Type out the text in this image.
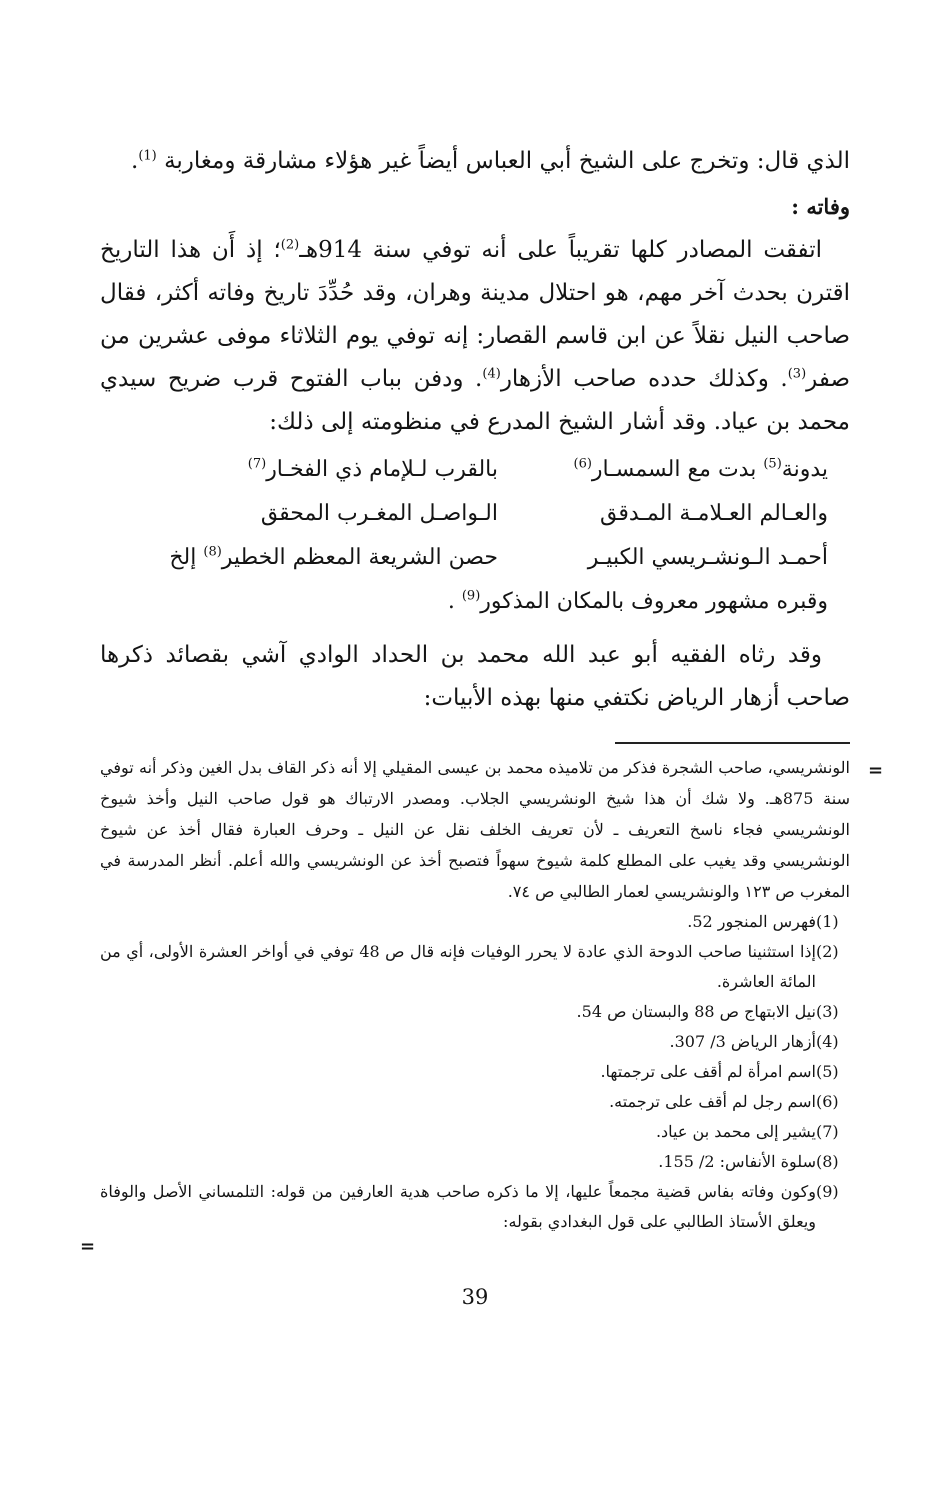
الذي قال: وتخرج على الشيخ أبي العباس أيضاً غير هؤلاء مشارقة ومغاربة $^{(1)}$.

وفاته :

اتفقت المصادر كلها تقريباً على أنه توفي سنة 914هـ$^{(2)}$؛ إذ أَن هذا التاريخ اقترن بحدث آخر مهم، هو احتلال مدينة وهران، وقد حُدِّدَ تاريخ وفاته أكثر، فقال صاحب النيل نقلاً عن ابن قاسم القصار: إنه توفي يوم الثلاثاء موفى عشرين من صفر$^{(3)}$. وكذلك حدده صاحب الأزهار$^{(4)}$. ودفن بباب الفتوح قرب ضريح سيدي محمد بن عياد. وقد أشار الشيخ المدرع في منظومته إلى ذلك:

يدونة$^{(5)}$ بدت مع السمسـار$^{(6)}$
بالقرب لـلإمام ذي الفخـار$^{(7)}$
والعـالم العـلامـة المـدقق
الـواصـل المغـرب المحقق
أحمـد الـونشـريسي الكبيـر
حصن الشريعة المعظم الخطير$^{(8)}$ إلخ
وقبره مشهور معروف بالمكان المذكور$^{(9)}$ .

وقد رثاه الفقيه أبو عبد الله محمد بن الحداد الوادي آشي بقصائد ذكرها صاحب أزهار الرياض نكتفي منها بهذه الأبيات:

الونشريسي، صاحب الشجرة فذكر من تلاميذه محمد بن عيسى المقيلي إلا أنه ذكر القاف بدل الغين وذكر أنه توفي سنة 875هـ. ولا شك أن هذا شيخ الونشريسي الجلاب. ومصدر الارتباك هو قول صاحب النيل وأخذ شيوخ الونشريسي فجاء ناسخ التعريف ـ لأن تعريف الخلف نقل عن النيل ـ وحرف العبارة فقال أخذ عن شيوخ الونشريسي وقد يغيب على المطلع كلمة شيوخ سهواً فتصبح أخذ عن الونشريسي والله أعلم. أنظر المدرسة في المغرب ص ١٢٣ والونشريسي لعمار الطالبي ص ٧٤.

(1)
فهرس المنجور 52.
(2)
إذا استثنينا صاحب الدوحة الذي عادة لا يحرر الوفيات فإنه قال ص 48 توفي في أواخر العشرة الأولى، أي من المائة العاشرة.
(3)
نيل الابتهاج ص 88 والبستان ص 54.
(4)
أزهار الرياض 3/ 307.
(5)
اسم امرأة لم أقف على ترجمتها.
(6)
اسم رجل لم أقف على ترجمته.
(7)
يشير إلى محمد بن عياد.
(8)
سلوة الأنفاس: 2/ 155.
(9)
وكون وفاته بفاس قضية مجمعاً عليها، إلا ما ذكره صاحب هدية العارفين من قوله: التلمساني الأصل والوفاة ويعلق الأستاذ الطالبي على قول البغدادي بقوله:
=
=
39
